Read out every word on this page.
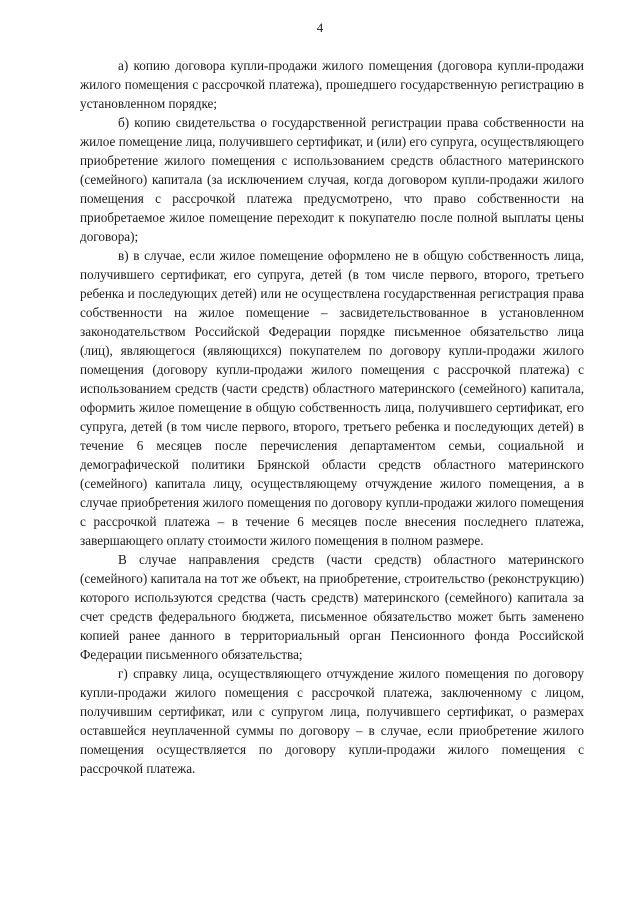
4

а) копию договора купли-продажи жилого помещения (договора купли-продажи жилого помещения с рассрочкой платежа), прошедшего государственную регистрацию в установленном порядке;

б) копию свидетельства о государственной регистрации права собственности на жилое помещение лица, получившего сертификат, и (или) его супруга, осуществляющего приобретение жилого помещения с использованием средств областного материнского (семейного) капитала (за исключением случая, когда договором купли-продажи жилого помещения с рассрочкой платежа предусмотрено, что право собственности на приобретаемое жилое помещение переходит к покупателю после полной выплаты цены договора);

в) в случае, если жилое помещение оформлено не в общую собственность лица, получившего сертификат, его супруга, детей (в том числе первого, второго, третьего ребенка и последующих детей) или не осуществлена государственная регистрация права собственности на жилое помещение – засвидетельствованное в установленном законодательством Российской Федерации порядке письменное обязательство лица (лиц), являющегося (являющихся) покупателем по договору купли-продажи жилого помещения (договору купли-продажи жилого помещения с рассрочкой платежа) с использованием средств (части средств) областного материнского (семейного) капитала, оформить жилое помещение в общую собственность лица, получившего сертификат, его супруга, детей (в том числе первого, второго, третьего ребенка и последующих детей) в течение 6 месяцев после перечисления департаментом семьи, социальной и демографической политики Брянской области средств областного материнского (семейного) капитала лицу, осуществляющему отчуждение жилого помещения, а в случае приобретения жилого помещения по договору купли-продажи жилого помещения с рассрочкой платежа – в течение 6 месяцев после внесения последнего платежа, завершающего оплату стоимости жилого помещения в полном размере.

В случае направления средств (части средств) областного материнского (семейного) капитала на тот же объект, на приобретение, строительство (реконструкцию) которого используются средства (часть средств) материнского (семейного) капитала за счет средств федерального бюджета, письменное обязательство может быть заменено копией ранее данного в территориальный орган Пенсионного фонда Российской Федерации письменного обязательства;

г) справку лица, осуществляющего отчуждение жилого помещения по договору купли-продажи жилого помещения с рассрочкой платежа, заключенному с лицом, получившим сертификат, или с супругом лица, получившего сертификат, о размерах оставшейся неуплаченной суммы по договору – в случае, если приобретение жилого помещения осуществляется по договору купли-продажи жилого помещения с рассрочкой платежа.
